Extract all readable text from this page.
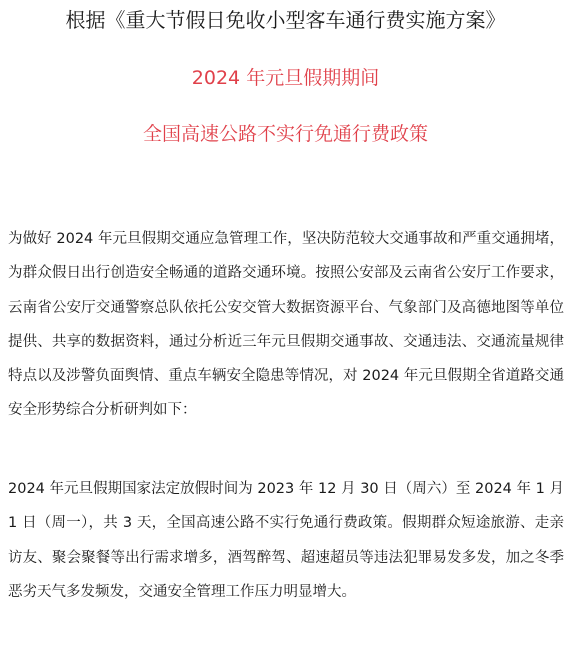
根据《重大节假日免收小型客车通行费实施方案》
2024 年元旦假期期间
全国高速公路不实行免通行费政策
为做好 2024 年元旦假期交通应急管理工作，坚决防范较大交通事故和严重交通拥堵，为群众假日出行创造安全畅通的道路交通环境。按照公安部及云南省公安厅工作要求，云南省公安厅交通警察总队依托公安交管大数据资源平台、气象部门及高德地图等单位提供、共享的数据资料，通过分析近三年元旦假期交通事故、交通违法、交通流量规律特点以及涉警负面舆情、重点车辆安全隐患等情况，对 2024 年元旦假期全省道路交通安全形势综合分析研判如下：
2024 年元旦假期国家法定放假时间为 2023 年 12 月 30 日（周六）至 2024 年 1 月 1 日（周一），共 3 天，全国高速公路不实行免通行费政策。假期群众短途旅游、走亲访友、聚会聚餐等出行需求增多，酒驾醉驾、超速超员等违法犯罪易发多发，加之冬季恶劣天气多发频发，交通安全管理工作压力明显增大。
